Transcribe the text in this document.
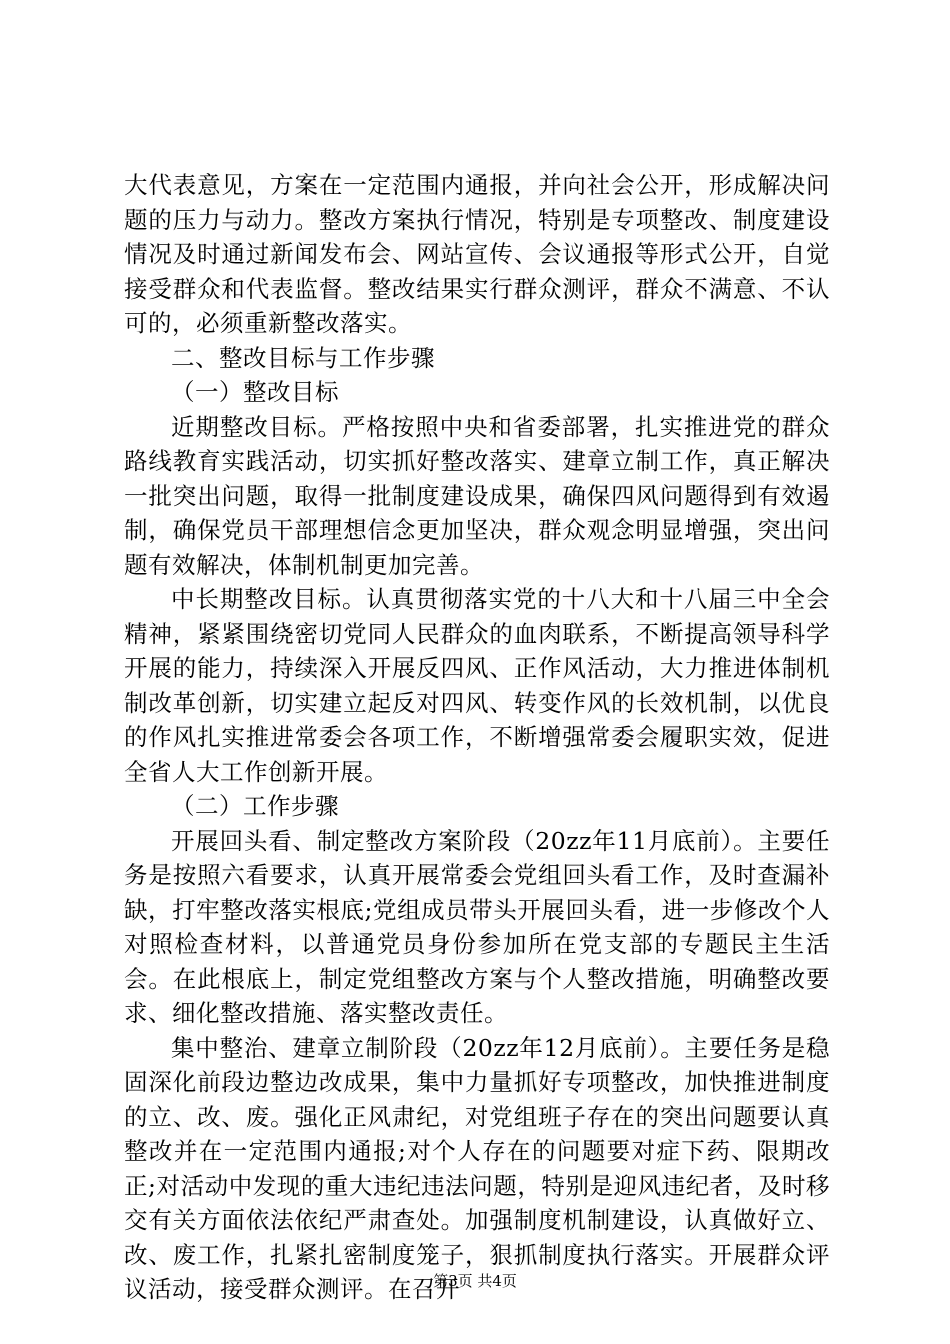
大代表意见，方案在一定范围内通报，并向社会公开，形成解决问题的压力与动力。整改方案执行情况，特别是专项整改、制度建设情况及时通过新闻发布会、网站宣传、会议通报等形式公开，自觉接受群众和代表监督。整改结果实行群众测评，群众不满意、不认可的，必须重新整改落实。

二、整改目标与工作步骤

（一）整改目标

近期整改目标。严格按照中央和省委部署，扎实推进党的群众路线教育实践活动，切实抓好整改落实、建章立制工作，真正解决一批突出问题，取得一批制度建设成果，确保四风问题得到有效遏制，确保党员干部理想信念更加坚决，群众观念明显增强，突出问题有效解决，体制机制更加完善。

中长期整改目标。认真贯彻落实党的十八大和十八届三中全会精神，紧紧围绕密切党同人民群众的血肉联系，不断提高领导科学开展的能力，持续深入开展反四风、正作风活动，大力推进体制机制改革创新，切实建立起反对四风、转变作风的长效机制，以优良的作风扎实推进常委会各项工作，不断增强常委会履职实效，促进全省人大工作创新开展。

（二）工作步骤

开展回头看、制定整改方案阶段（20zz年11月底前）。主要任务是按照六看要求，认真开展常委会党组回头看工作，及时查漏补缺，打牢整改落实根底;党组成员带头开展回头看，进一步修改个人对照检查材料，以普通党员身份参加所在党支部的专题民主生活会。在此根底上，制定党组整改方案与个人整改措施，明确整改要求、细化整改措施、落实整改责任。

集中整治、建章立制阶段（20zz年12月底前）。主要任务是稳固深化前段边整边改成果，集中力量抓好专项整改，加快推进制度的立、改、废。强化正风肃纪，对党组班子存在的突出问题要认真整改并在一定范围内通报;对个人存在的问题要对症下药、限期改正;对活动中发现的重大违纪违法问题，特别是迎风违纪者，及时移交有关方面依法依纪严肃查处。加强制度机制建设，认真做好立、改、废工作，扎紧扎密制度笼子，狠抓制度执行落实。开展群众评议活动，接受群众测评。在召开

第3页 共4页
